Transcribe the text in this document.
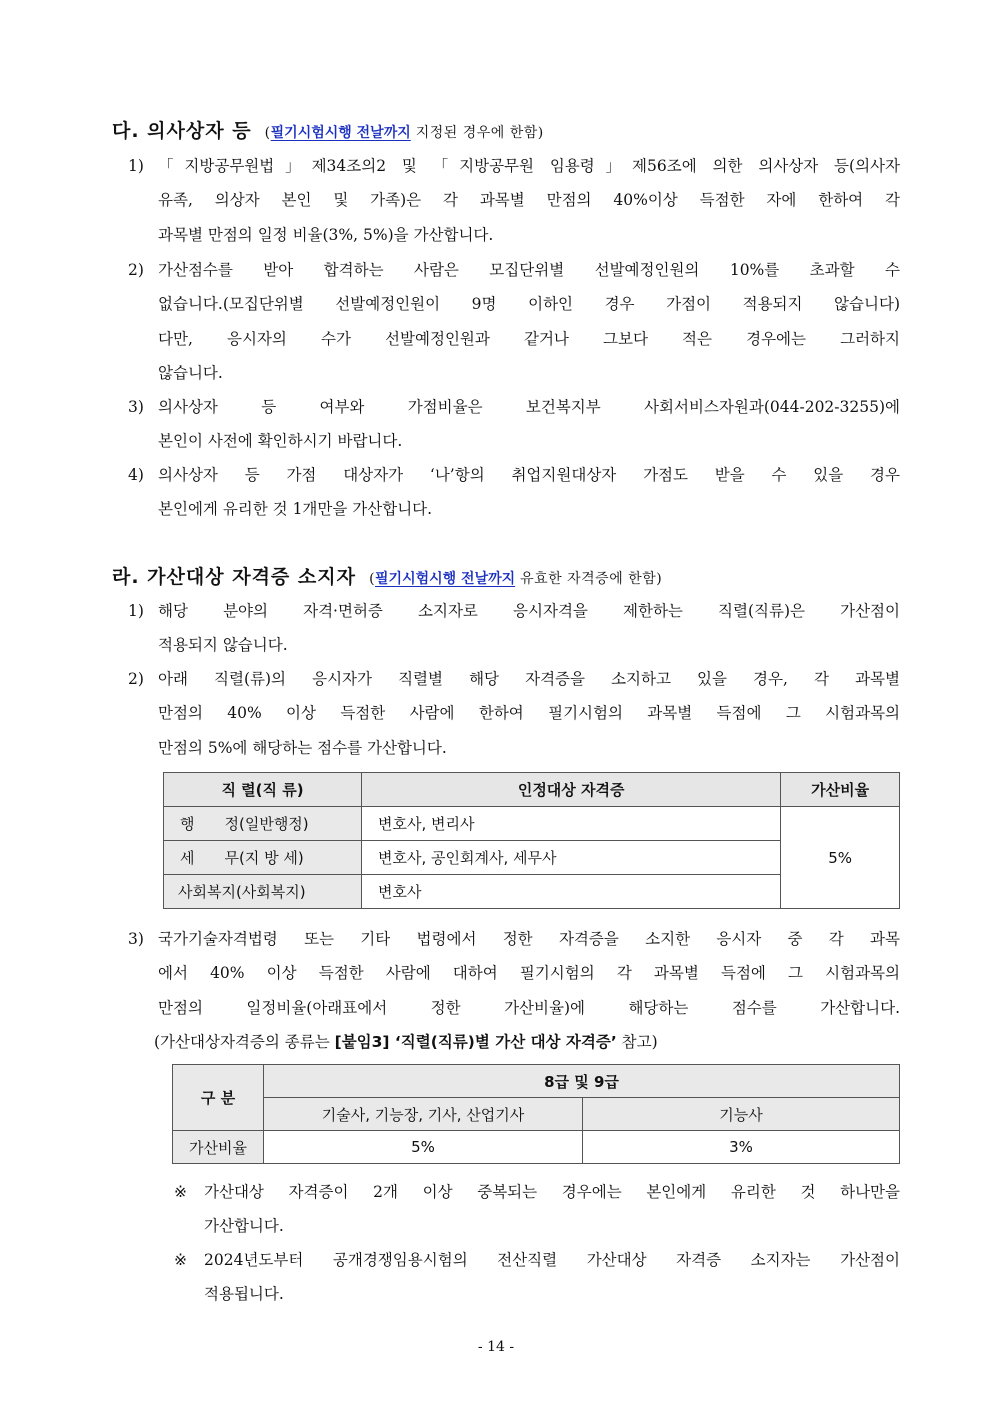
다. 의사상자 등 (필기시험시행 전날까지 지정된 경우에 한함)
1) 「지방공무원법」제34조의2 및 「지방공무원 임용령」제56조에 의한 의사상자 등(의사자
유족, 의상자 본인 및 가족)은 각 과목별 만점의 40%이상 득점한 자에 한하여 각
과목별 만점의 일정 비율(3%, 5%)을 가산합니다.
2) 가산점수를 받아 합격하는 사람은 모집단위별 선발예정인원의 10%를 초과할 수
없습니다.(모집단위별 선발예정인원이 9명 이하인 경우 가점이 적용되지 않습니다)
다만, 응시자의 수가 선발예정인원과 같거나 그보다 적은 경우에는 그러하지
않습니다.
3) 의사상자 등 여부와 가점비율은 보건복지부 사회서비스자원과(044-202-3255)에
본인이 사전에 확인하시기 바랍니다.
4) 의사상자 등 가점 대상자가 ‘나’항의 취업지원대상자 가점도 받을 수 있을 경우
본인에게 유리한 것 1개만을 가산합니다.
라. 가산대상 자격증 소지자 (필기시험시행 전날까지 유효한 자격증에 한함)
1) 해당 분야의 자격·면허증 소지자로 응시자격을 제한하는 직렬(직류)은 가산점이
적용되지 않습니다.
2) 아래 직렬(류)의 응시자가 직렬별 해당 자격증을 소지하고 있을 경우, 각 과목별
만점의 40% 이상 득점한 사람에 한하여 필기시험의 과목별 득점에 그 시험과목의
만점의 5%에 해당하는 점수를 가산합니다.
직 렬(직 류)	인정대상 자격증	가산비율
행 정(일반행정)	변호사, 변리사	5%
세 무(지 방 세)	변호사, 공인회계사, 세무사	
사회복지(사회복지)	변호사	
3) 국가기술자격법령 또는 기타 법령에서 정한 자격증을 소지한 응시자 중 각 과목
에서 40% 이상 득점한 사람에 대하여 필기시험의 각 과목별 득점에 그 시험과목의
만점의 일정비율(아래표에서 정한 가산비율)에 해당하는 점수를 가산합니다.
(가산대상자격증의 종류는 [붙임3] ‘직렬(직류)별 가산 대상 자격증’ 참고)
구 분	8급 및 9급	
	기술사, 기능장, 기사, 산업기사	기능사
가산비율	5%	3%
※ 가산대상 자격증이 2개 이상 중복되는 경우에는 본인에게 유리한 것 하나만을
가산합니다.
※ 2024년도부터 공개경쟁임용시험의 전산직렬 가산대상 자격증 소지자는 가산점이
적용됩니다.
- 14 -
